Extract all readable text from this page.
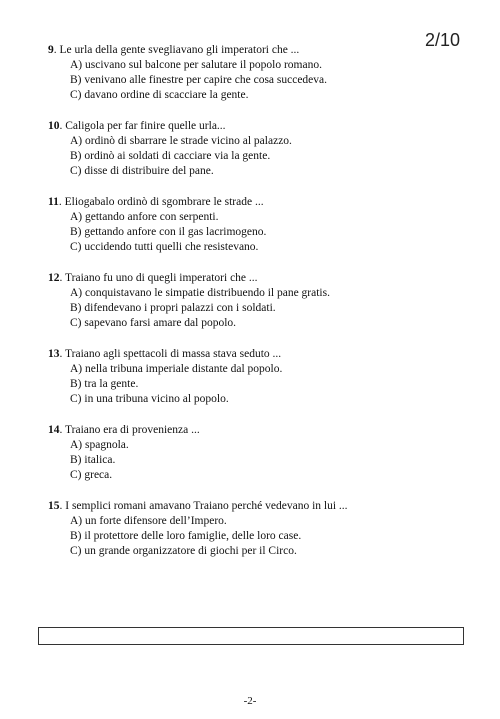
2/10
9. Le urla della gente svegliavano gli imperatori che ...
A) uscivano sul balcone per salutare il popolo romano.
B) venivano alle finestre per capire che cosa succedeva.
C) davano ordine di scacciare la gente.
10. Caligola per far finire quelle urla...
A) ordinò di sbarrare le strade vicino al palazzo.
B) ordinò ai soldati di cacciare via la gente.
C) disse di distribuire del pane.
11. Eliogabalo ordinò di sgombrare le strade ...
A) gettando anfore con serpenti.
B) gettando anfore con il gas lacrimogeno.
C) uccidendo tutti quelli che resistevano.
12. Traiano fu uno di quegli imperatori che ...
A) conquistavano le simpatie distribuendo il pane gratis.
B) difendevano i propri palazzi con i soldati.
C) sapevano farsi amare dal popolo.
13. Traiano agli spettacoli di massa stava seduto ...
A) nella tribuna imperiale distante dal popolo.
B) tra la gente.
C) in una tribuna vicino al popolo.
14. Traiano era di provenienza ...
A) spagnola.
B) italica.
C) greca.
15. I semplici romani amavano Traiano perché vedevano in lui ...
A) un forte difensore dell’Impero.
B) il protettore delle loro famiglie, delle loro case.
C) un grande organizzatore di giochi per il Circo.
-2-
